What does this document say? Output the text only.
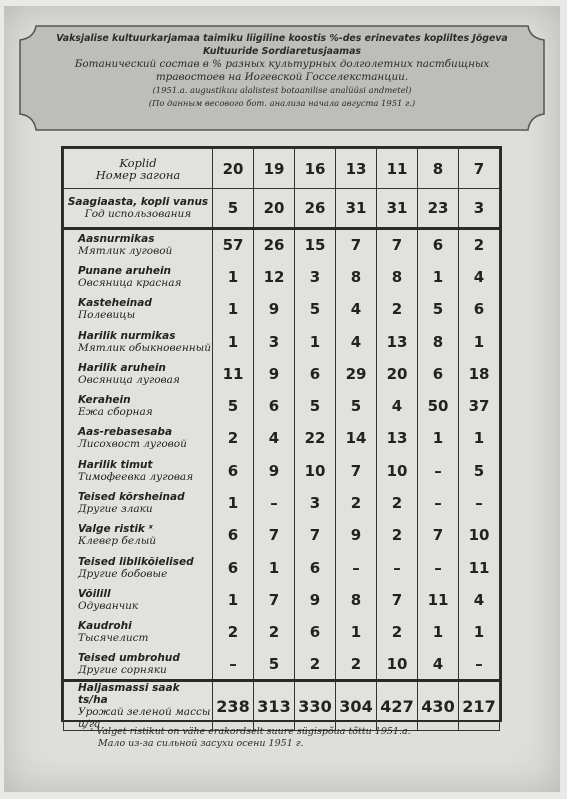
Vaksjalise kultuurkarjamaa taimiku liigiline koostis %-des erinevates kopliltes Jõgeva Kultuuride Sordiaretusjaamas
Ботанический состав в % разных культурных долголетних пастбищных травостоев на Иогевской Госселекстанции.
(1951.a. augustikuu alalistest botaanilise analüüsi andmetel)
(По данным весового бот. анализа начала августа 1951 г.)
Koplid
Номер загона	20	19	16	13	11	8	7

Saagiaasta, kopli vanus
Год использования	5	20	26	31	31	23	3

Aasnurmikas
Мятлик луговой	57	26	15	7	7	6	2

Punane aruhein
Овсяница красная	1	12	3	8	8	1	4

Kasteheinad
Полевицы	1	9	5	4	2	5	6

Harilik nurmikas
Мятлик обыкновенный	1	3	1	4	13	8	1

Harilik aruhein
Овсяница луговая	11	9	6	29	20	6	18

Kerahein
Ежа сборная	5	6	5	5	4	50	37

Aas-rebasesaba
Лисохвост луговой	2	4	22	14	13	1	1

Harilik timut
Тимофеевка луговая	6	9	10	7	10	–	5

Teised kõrsheinad
Другие злаки	1	–	3	2	2	–	–

Valge ristik ˣ
Клевер белый	6	7	7	9	2	7	10

Teised liblikõielised
Другие бобовые	6	1	6	–	–	–	11

Võilill
Одуванчик	1	7	9	8	7	11	4

Kaudrohi
Тысячелист	2	2	6	1	2	1	1

Teised umbrohud
Другие сорняки	–	5	2	2	10	4	–

Haljasmassi saak ts/ha
Урожай зеленой массы ц/га	238	313	330	304	427	430	217
ˣ Valget ristikut on vähe erakordselt suure sügispõua tõttu 1951.a.
Мало из-за сильной засухи осени 1951 г.
